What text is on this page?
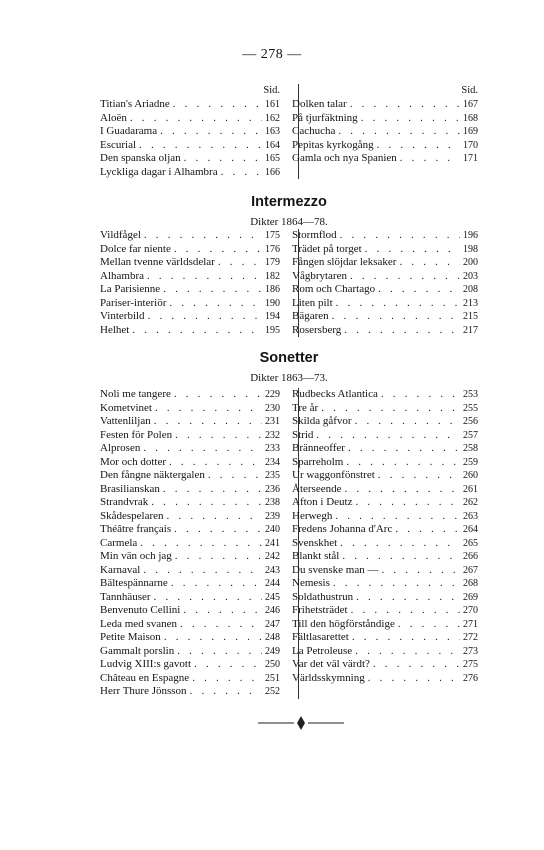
— 278 —
Sid.
Titian's Ariadne . . .	161
Aloën . . .	162
I Guadarama . . .	163
Escurial . . .	164
Den spanska oljan . . .	165
Lyckliga dagar i Alhambra . . .	166
Sid.
Dolken talar . . .	167
På tjurfäktning . . .	168
Cachucha . . .	169
Pepitas kyrkogång . . .	170
Gamla och nya Spanien . . .	171
Intermezzo
Dikter 1864—78.
Vildfågel . . .	175
Dolce far niente . . .	176
Mellan tvenne världsdelar . . .	179
Alhambra . . .	182
La Parisienne . . .	186
Pariser-interiör . . .	190
Vinterbild . . .	194
Helhet . . .	195
Stormflod . . .	196
Trädet på torget . . .	198
Fången slöjdar leksaker . . .	200
Vågbrytaren . . .	203
Rom och Chartago . . .	208
Liten pilt . . .	213
Bägaren . . .	215
Rosersberg . . .	217
Sonetter
Dikter 1863—73.
Noli me tangere . . .	229
Kometvinet . . .	230
Vattenliljan . . .	231
Festen för Polen . . .	232
Alprosen . . .	233
Mor och dotter . . .	234
Den fångne näktergalen . . .	235
Brasilianskan . . .	236
Strandvrak . . .	238
Skådespelaren . . .	239
Théâtre français . . .	240
Carmela . . .	241
Min vän och jag . . .	242
Karnaval . . .	243
Bältespännarne . . .	244
Tannhäuser . . .	245
Benvenuto Cellini . . .	246
Leda med svanen . . .	247
Petite Maison . . .	248
Gammalt porslin . . .	249
Ludvig XIII:s gavott . . .	250
Château en Espagne . . .	251
Herr Thure Jönsson . . .	252
Rudbecks Atlantica . . .	253
Tre år . . .	255
Skilda gåfvor . . .	256
Strid . . .	257
Bränneoffer . . .	258
Sparreholm . . .	259
Ur waggonfönstret . . .	260
Återseende . . .	261
Afton i Deutz . . .	262
Herwegh . . .	263
Fredens Johanna d'Arc . . .	264
Svenskhet . . .	265
Blankt stål . . .	266
Du svenske man — . . .	267
Nemesis . . .	268
Soldathustrun . . .	269
Frihetsträdet . . .	270
Till den högförståndige . . .	271
Fältlasarettet . . .	272
La Petroleuse . . .	273
Var det väl värdt? . . .	275
Världsskymning . . .	276
